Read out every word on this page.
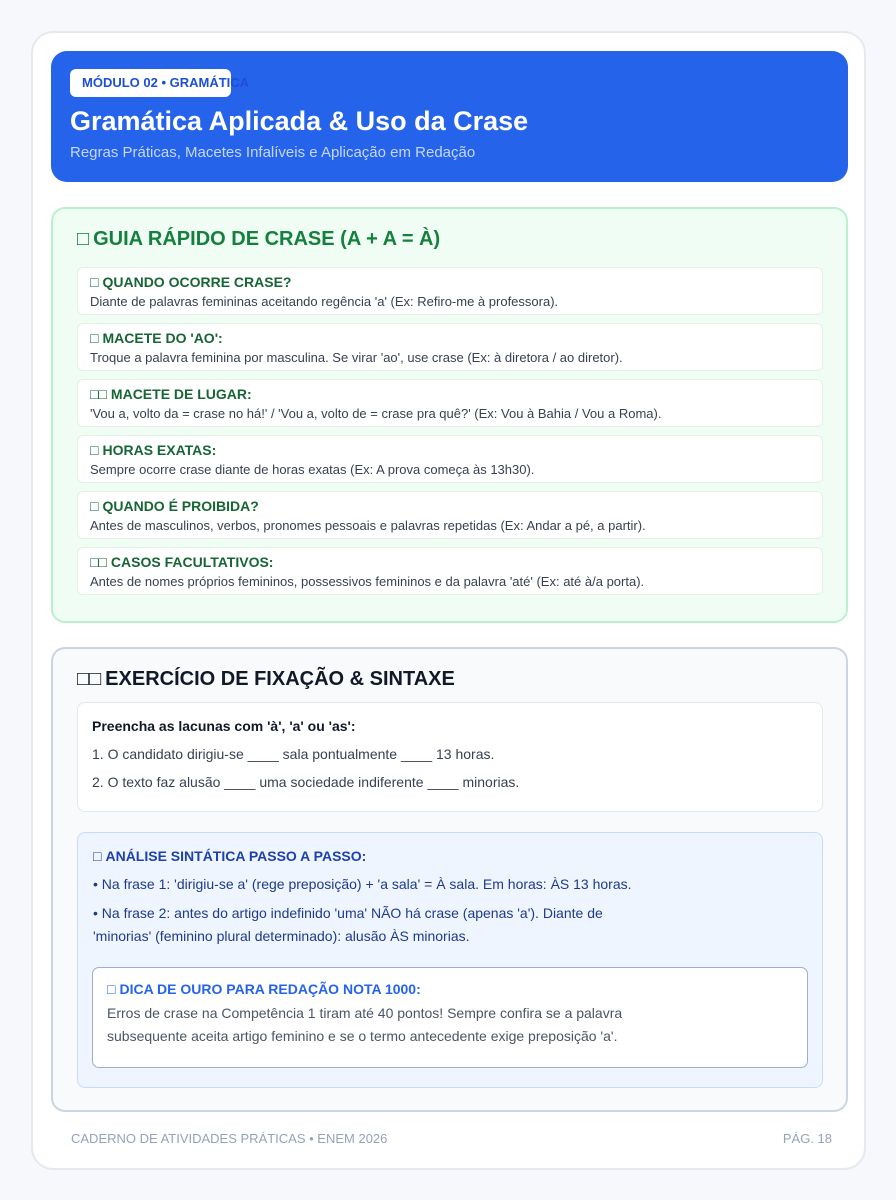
MÓDULO 02 • GRAMÁTICA
Gramática Aplicada & Uso da Crase
Regras Práticas, Macetes Infalíveis e Aplicação em Redação
□ GUIA RÁPIDO DE CRASE (A + A = À)
□ QUANDO OCORRE CRASE?
Diante de palavras femininas aceitando regência 'a' (Ex: Refiro-me à professora).
□ MACETE DO 'AO':
Troque a palavra feminina por masculina. Se virar 'ao', use crase (Ex: à diretora / ao diretor).
□□ MACETE DE LUGAR:
'Vou a, volto da = crase no há!' / 'Vou a, volto de = crase pra quê?' (Ex: Vou à Bahia / Vou a Roma).
□ HORAS EXATAS:
Sempre ocorre crase diante de horas exatas (Ex: A prova começa às 13h30).
□ QUANDO É PROIBIDA?
Antes de masculinos, verbos, pronomes pessoais e palavras repetidas (Ex: Andar a pé, a partir).
□□ CASOS FACULTATIVOS:
Antes de nomes próprios femininos, possessivos femininos e da palavra 'até' (Ex: até à/a porta).
□□ EXERCÍCIO DE FIXAÇÃO & SINTAXE
Preencha as lacunas com 'à', 'a' ou 'as':
1. O candidato dirigiu-se ____ sala pontualmente ____ 13 horas.
2. O texto faz alusão ____ uma sociedade indiferente ____ minorias.
□ ANÁLISE SINTÁTICA PASSO A PASSO:
• Na frase 1: 'dirigiu-se a' (rege preposição) + 'a sala' = À sala. Em horas: ÀS 13 horas.
• Na frase 2: antes do artigo indefinido 'uma' NÃO há crase (apenas 'a'). Diante de 'minorias' (feminino plural determinado): alusão ÀS minorias.
□ DICA DE OURO PARA REDAÇÃO NOTA 1000:
Erros de crase na Competência 1 tiram até 40 pontos! Sempre confira se a palavra subsequente aceita artigo feminino e se o termo antecedente exige preposição 'a'.
CADERNO DE ATIVIDADES PRÁTICAS • ENEM 2026	PÁG. 18
